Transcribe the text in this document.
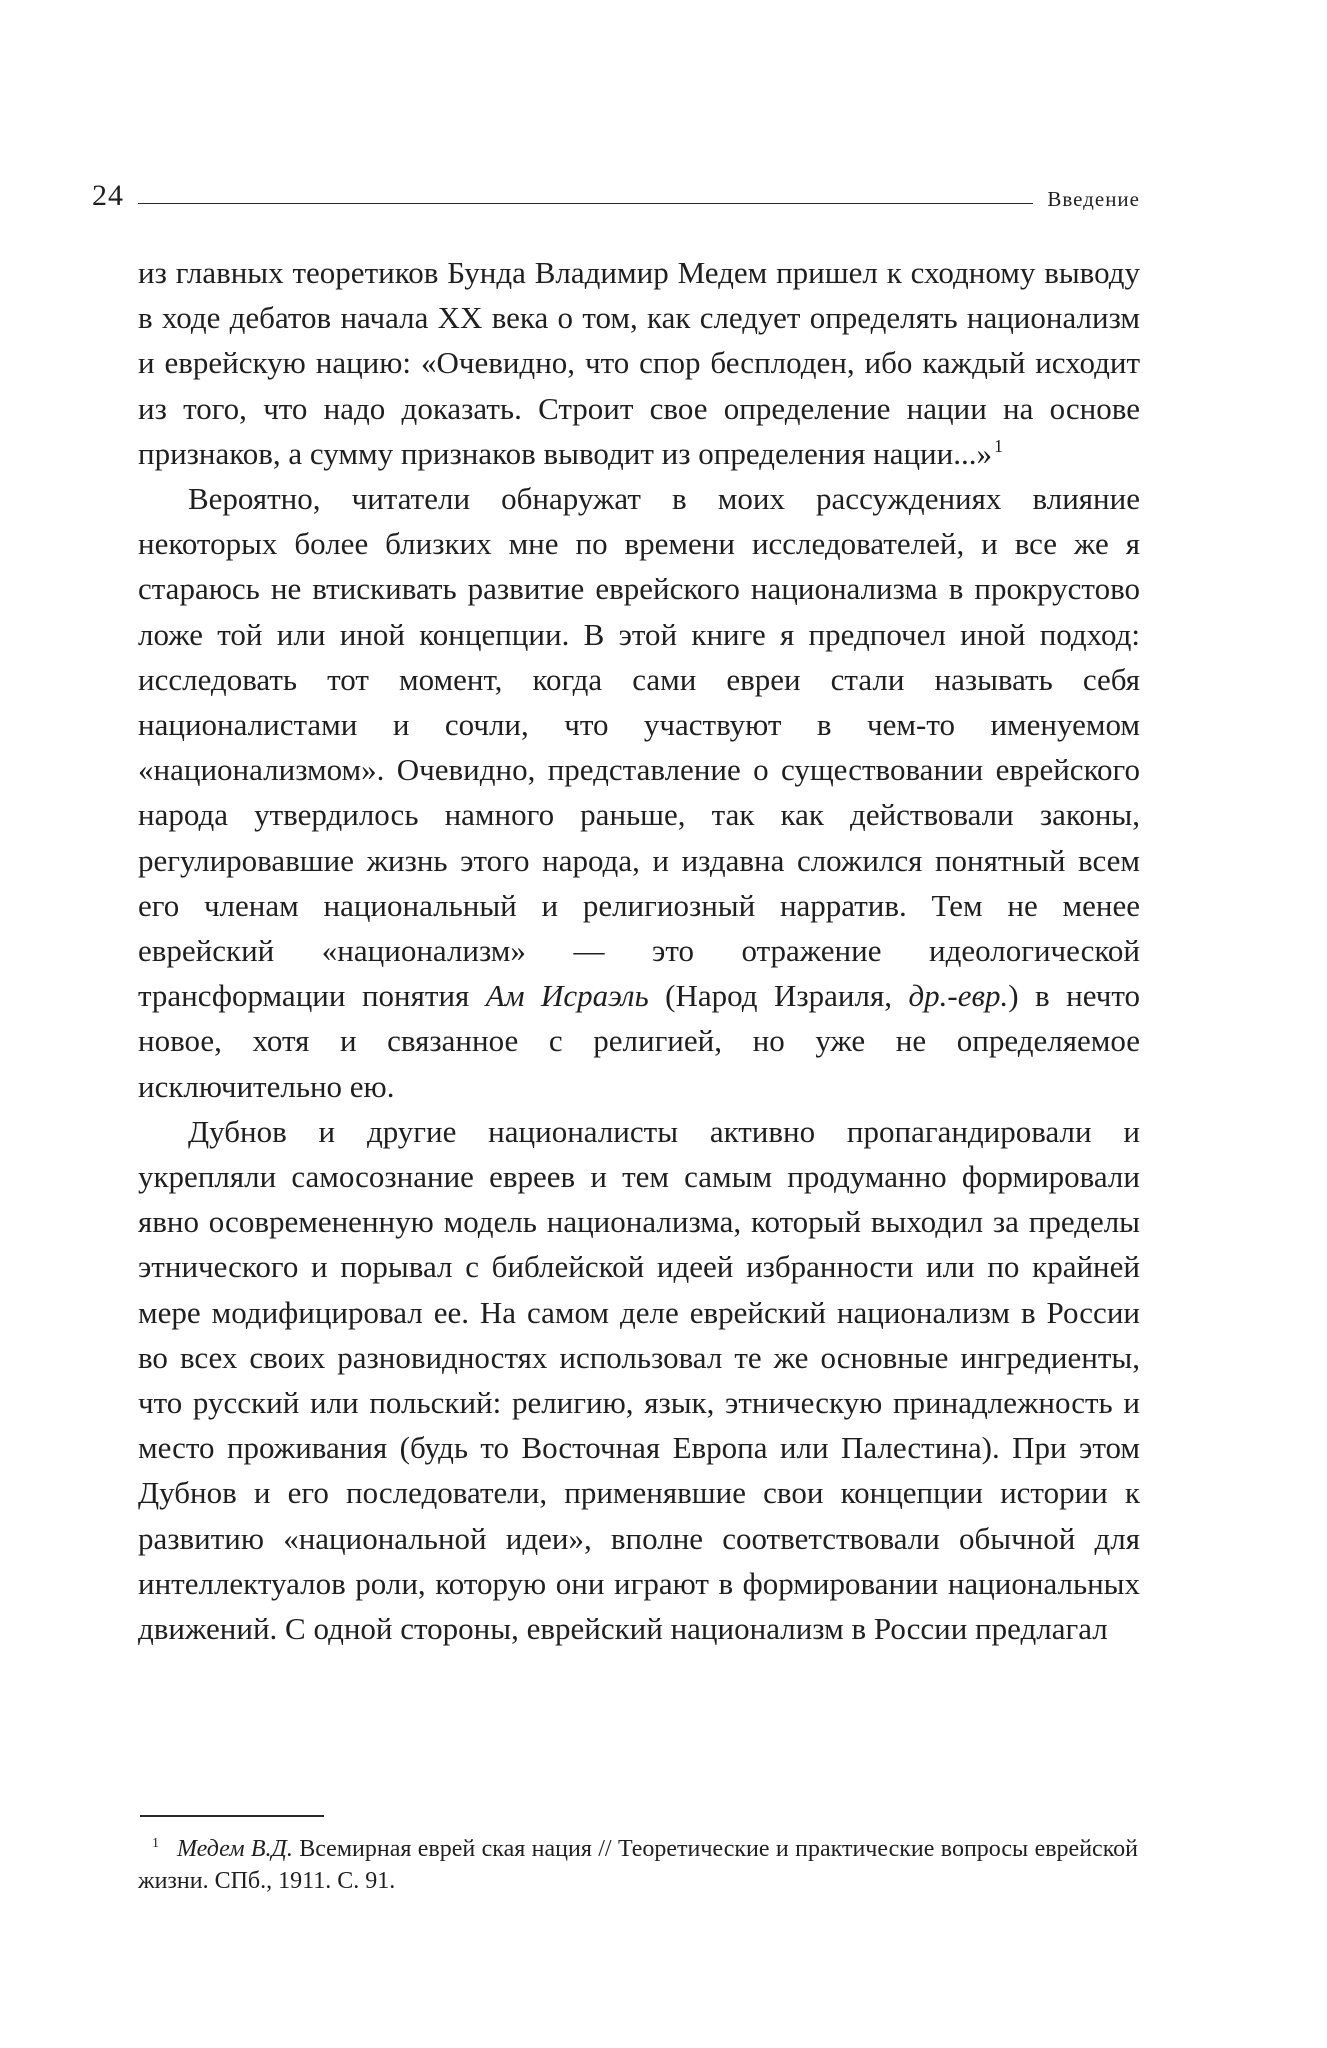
24	Введение

из главных теоретиков Бунда Владимир Медем пришел к сходному выводу в ходе дебатов начала XX века о том, как следует определять национализм и еврейскую нацию: «Очевидно, что спор бесплоден, ибо каждый исходит из того, что надо доказать. Строит свое определение нации на основе признаков, а сумму признаков выводит из определения нации...» $^1$

Вероятно, читатели обнаружат в моих рассуждениях влияние некоторых более близких мне по времени исследователей, и все же я стараюсь не втискивать развитие еврейского национализма в прокрустово ложе той или иной концепции. В этой книге я предпочел иной подход: исследовать тот момент, когда сами евреи стали называть себя националистами и сочли, что участвуют в чем-то именуемом «национализмом». Очевидно, представление о существовании еврейского народа утвердилось намного раньше, так как действовали законы, регулировавшие жизнь этого народа, и издавна сложился понятный всем его членам национальный и религиозный нарратив. Тем не менее еврейский «национализм» — это отражение идеологической трансформации понятия Ам Исраэль (Народ Израиля, др.-евр.) в нечто новое, хотя и связанное с религией, но уже не определяемое исключительно ею.

Дубнов и другие националисты активно пропагандировали и укрепляли самосознание евреев и тем самым продуманно формировали явно осовремененную модель национализма, который выходил за пределы этнического и порывал с библейской идеей избранности или по крайней мере модифицировал ее. На самом деле еврейский национализм в России во всех своих разновидностях использовал те же основные ингредиенты, что русский или польский: религию, язык, этническую принадлежность и место проживания (будь то Восточная Европа или Палестина). При этом Дубнов и его последователи, применявшие свои концепции истории к развитию «национальной идеи», вполне соответствовали обычной для интеллектуалов роли, которую они играют в формировании национальных движений. С одной стороны, еврейский национализм в России предлагал

$^1$ Медем В.Д. Всемирная еврей ская нация // Теоретические и практические вопросы еврейской жизни. СПб., 1911. С. 91.
